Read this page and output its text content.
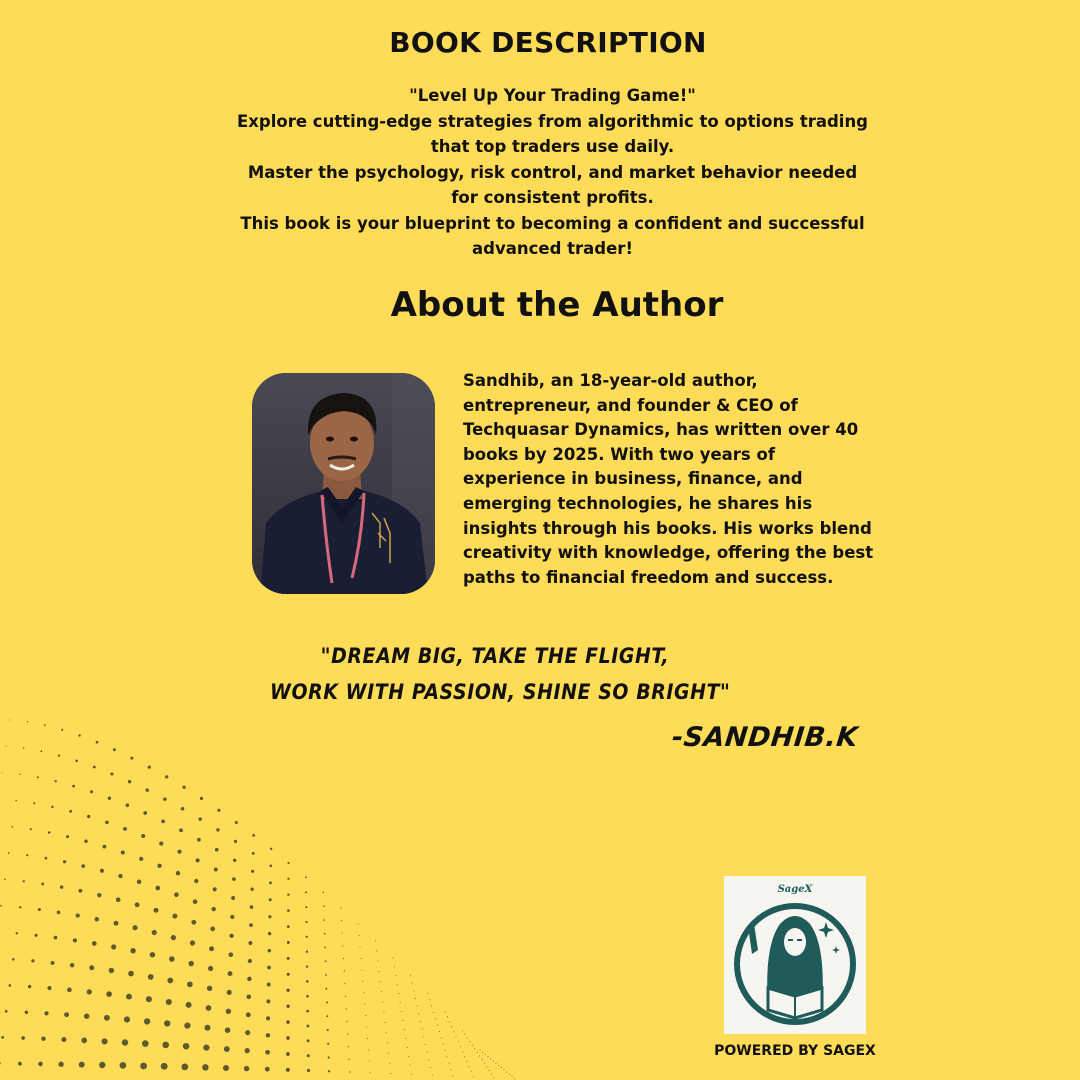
BOOK DESCRIPTION
"Level Up Your Trading Game!"
Explore cutting-edge strategies from algorithmic to options trading
that top traders use daily.
Master the psychology, risk control, and market behavior needed
for consistent profits.
This book is your blueprint to becoming a confident and successful
advanced trader!
About the Author
Sandhib, an 18-year-old author,
entrepreneur, and founder & CEO of
Techquasar Dynamics, has written over 40
books by 2025. With two years of
experience in business, finance, and
emerging technologies, he shares his
insights through his books. His works blend
creativity with knowledge, offering the best
paths to financial freedom and success.
"DREAM BIG, TAKE THE FLIGHT,
WORK WITH PASSION, SHINE SO BRIGHT"
-SANDHIB.K
SageX
POWERED BY SAGEX
